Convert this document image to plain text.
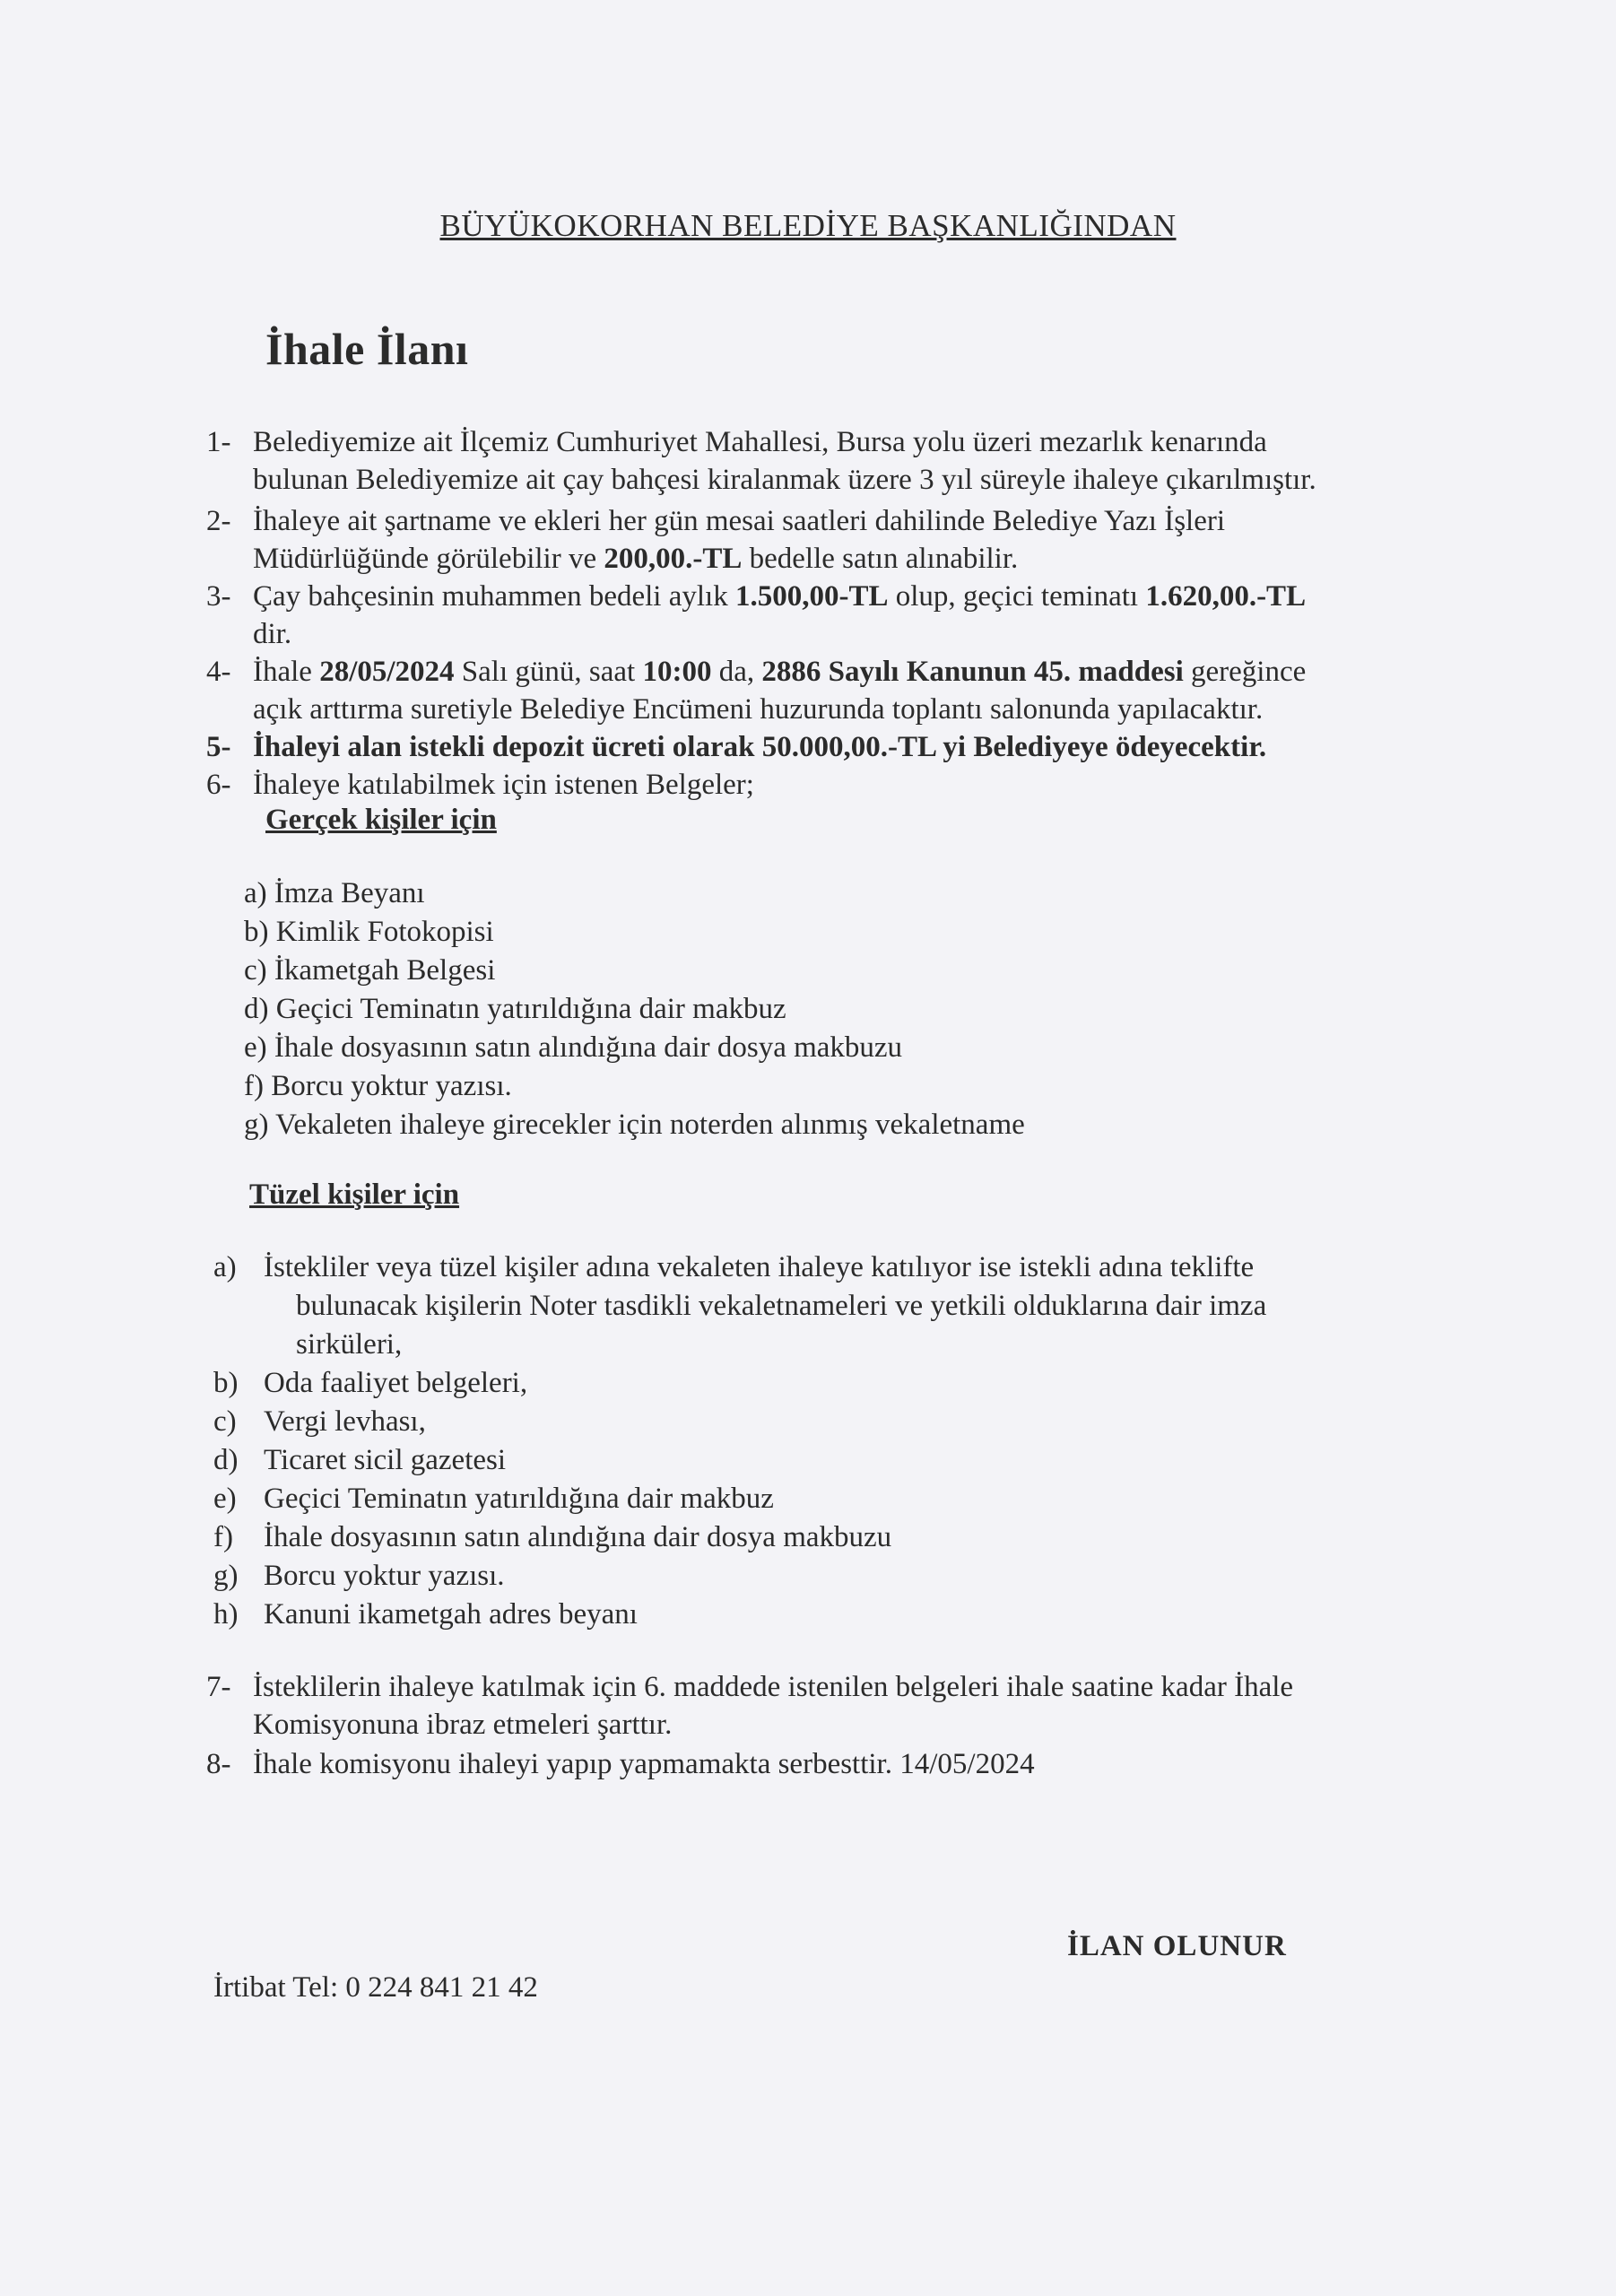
BÜYÜKOKORHAN BELEDİYE BAŞKANLIĞINDAN
İhale İlanı
1- Belediyemize ait İlçemiz Cumhuriyet Mahallesi, Bursa yolu üzeri mezarlık kenarında
bulunan Belediyemize ait çay bahçesi kiralanmak üzere 3 yıl süreyle ihaleye çıkarılmıştır.
2- İhaleye ait şartname ve ekleri her gün mesai saatleri dahilinde Belediye Yazı İşleri
Müdürlüğünde görülebilir ve 200,00.-TL bedelle satın alınabilir.
3- Çay bahçesinin muhammen bedeli aylık 1.500,00-TL olup, geçici teminatı 1.620,00.-TL
dir.
4- İhale 28/05/2024 Salı günü, saat 10:00 da, 2886 Sayılı Kanunun 45. maddesi gereğince
açık arttırma suretiyle Belediye Encümeni huzurunda toplantı salonunda yapılacaktır.
5- İhaleyi alan istekli depozit ücreti olarak 50.000,00.-TL yi Belediyeye ödeyecektir.
6- İhaleye katılabilmek için istenen Belgeler;
Gerçek kişiler için
a) İmza Beyanı
b) Kimlik Fotokopisi
c) İkametgah Belgesi
d) Geçici Teminatın yatırıldığına dair makbuz
e) İhale dosyasının satın alındığına dair dosya makbuzu
f) Borcu yoktur yazısı.
g) Vekaleten ihaleye girecekler için noterden alınmış vekaletname
Tüzel kişiler için
a) İstekliler veya tüzel kişiler adına vekaleten ihaleye katılıyor ise istekli adına teklifte
bulunacak kişilerin Noter tasdikli vekaletnameleri ve yetkili olduklarına dair imza
sirküleri,
b) Oda faaliyet belgeleri,
c) Vergi levhası,
d) Ticaret sicil gazetesi
e) Geçici Teminatın yatırıldığına dair makbuz
f)	İhale dosyasının satın alındığına dair dosya makbuzu
g) Borcu yoktur yazısı.
h) Kanuni ikametgah adres beyanı
7- İsteklilerin ihaleye katılmak için 6. maddede istenilen belgeleri ihale saatine kadar İhale
Komisyonuna ibraz etmeleri şarttır.
8- İhale komisyonu ihaleyi yapıp yapmamakta serbesttir. 14/05/2024
İLAN OLUNUR
İrtibat Tel: 0 224 841 21 42
